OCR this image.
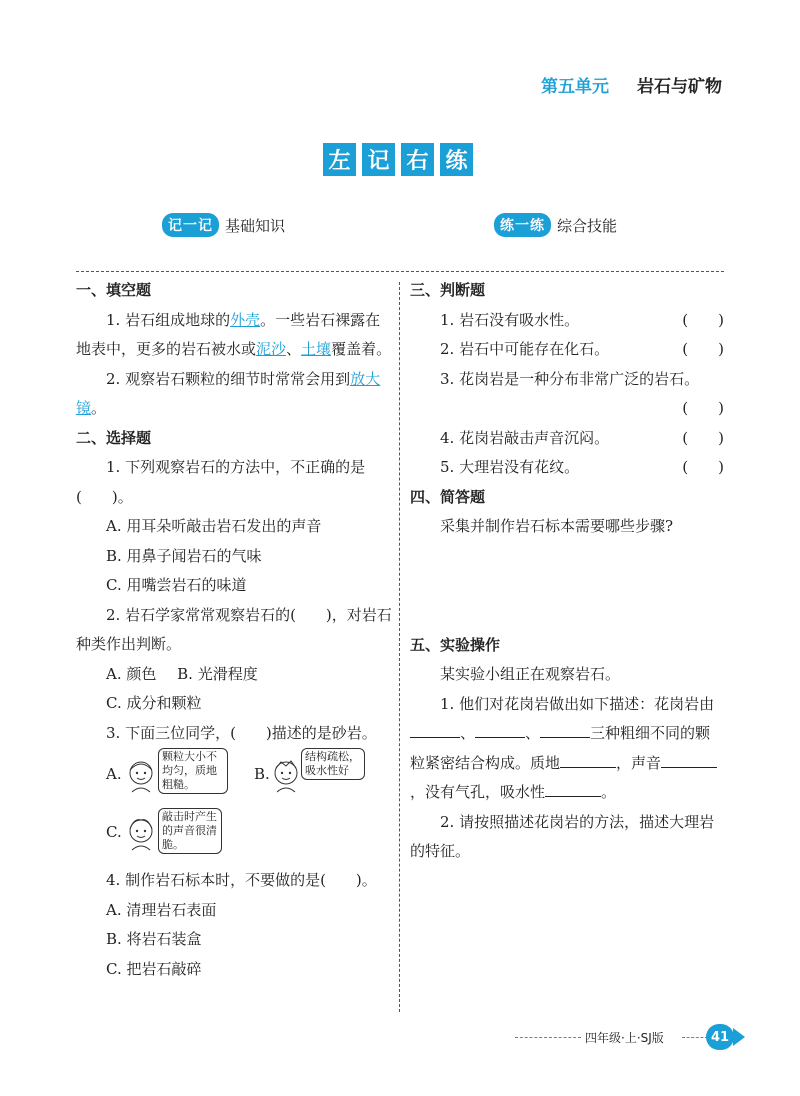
第五单元 岩石与矿物
左 记 右 练
记一记 基础知识	练一练 综合技能
一、填空题
1. 岩石组成地球的外壳。一些岩石裸露在地表中，更多的岩石被水或泥沙、土壤覆盖着。
2. 观察岩石颗粒的细节时常常会用到放大镜。
二、选择题
1. 下列观察岩石的方法中，不正确的是(　　)。
A. 用耳朵听敲击岩石发出的声音
B. 用鼻子闻岩石的气味
C. 用嘴尝岩石的味道
2. 岩石学家常常观察岩石的(　　)，对岩石种类作出判断。
A. 颜色 B. 光滑程度
C. 成分和颗粒
3. 下面三位同学，(　　)描述的是砂岩。
A.
颗粒大小不均匀，质地粗糙。
B.
结构疏松，吸水性好
C.
敲击时产生的声音很清脆。
4. 制作岩石标本时，不要做的是(　　)。
A. 清理岩石表面
B. 将岩石装盒
C. 把岩石敲碎
三、判断题
1. 岩石没有吸水性。	(　　)
2. 岩石中可能存在化石。	(　　)
3. 花岗岩是一种分布非常广泛的岩石。
(　　)
4. 花岗岩敲击声音沉闷。	(　　)
5. 大理岩没有花纹。	(　　)
四、简答题
采集并制作岩石标本需要哪些步骤?
五、实验操作
某实验小组正在观察岩石。
1. 他们对花岗岩做出如下描述：花岗岩由、	、	三种粗细不同的颗粒紧密结合构成。质地	，声音，没有气孔，吸水性	。
2. 请按照描述花岗岩的方法，描述大理岩的特征。
四年级·上·SJ版	41
